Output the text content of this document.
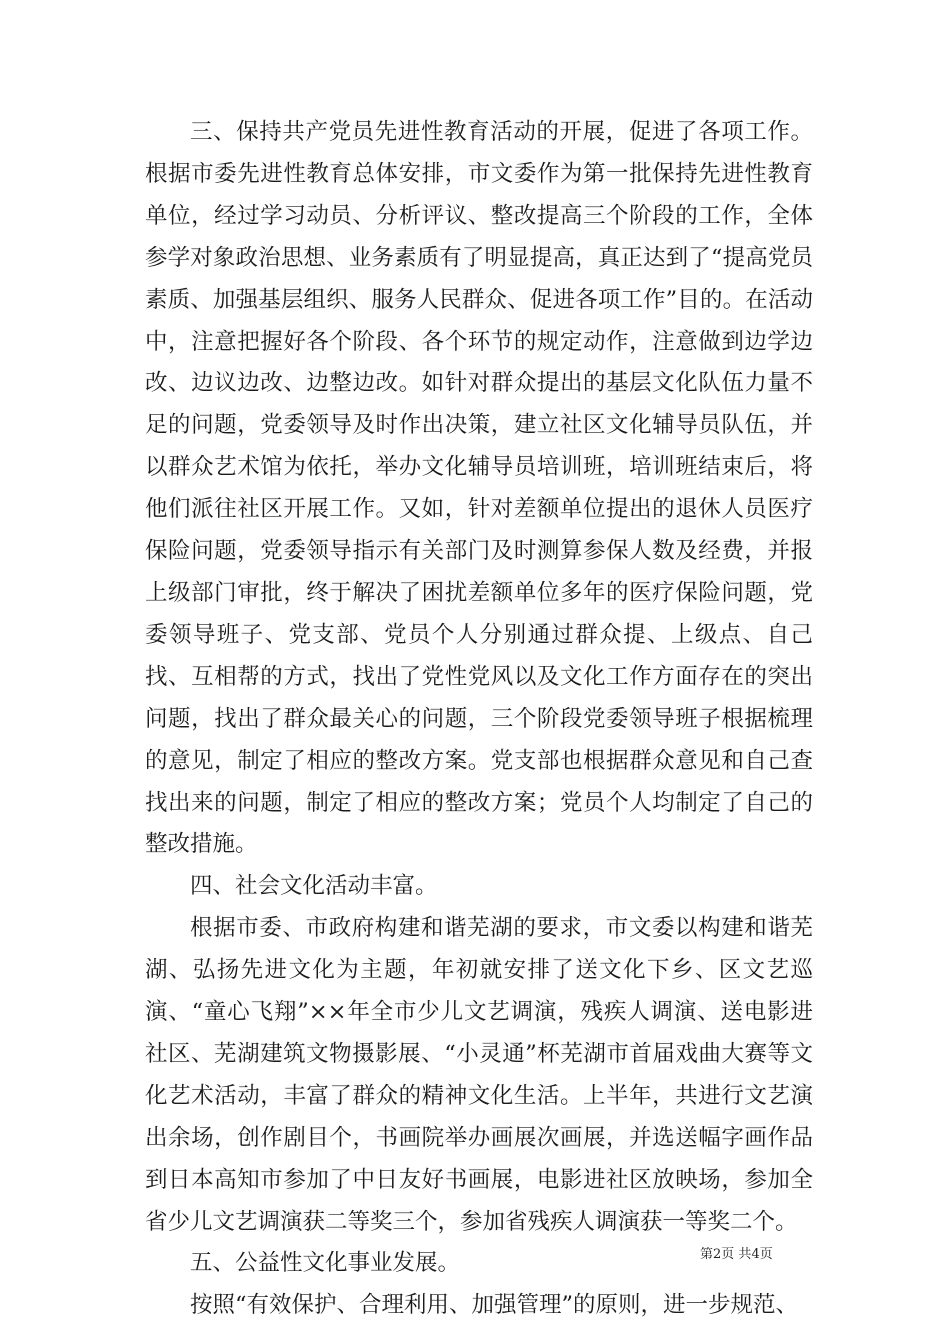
三、保持共产党员先进性教育活动的开展，促进了各项工作。根据市委先进性教育总体安排，市文委作为第一批保持先进性教育单位，经过学习动员、分析评议、整改提高三个阶段的工作，全体参学对象政治思想、业务素质有了明显提高，真正达到了“提高党员素质、加强基层组织、服务人民群众、促进各项工作”目的。在活动中，注意把握好各个阶段、各个环节的规定动作，注意做到边学边改、边议边改、边整边改。如针对群众提出的基层文化队伍力量不足的问题，党委领导及时作出决策，建立社区文化辅导员队伍，并以群众艺术馆为依托，举办文化辅导员培训班，培训班结束后，将他们派往社区开展工作。又如，针对差额单位提出的退休人员医疗保险问题，党委领导指示有关部门及时测算参保人数及经费，并报上级部门审批，终于解决了困扰差额单位多年的医疗保险问题，党委领导班子、党支部、党员个人分别通过群众提、上级点、自己找、互相帮的方式，找出了党性党风以及文化工作方面存在的突出问题，找出了群众最关心的问题，三个阶段党委领导班子根据梳理的意见，制定了相应的整改方案。党支部也根据群众意见和自己查找出来的问题，制定了相应的整改方案；党员个人均制定了自己的整改措施。

四、社会文化活动丰富。

根据市委、市政府构建和谐芜湖的要求，市文委以构建和谐芜湖、弘扬先进文化为主题，年初就安排了送文化下乡、区文艺巡演、“童心飞翔”××年全市少儿文艺调演，残疾人调演、送电影进社区、芜湖建筑文物摄影展、“小灵通”杯芜湖市首届戏曲大赛等文化艺术活动，丰富了群众的精神文化生活。上半年，共进行文艺演出余场，创作剧目个，书画院举办画展次画展，并选送幅字画作品到日本高知市参加了中日友好书画展，电影进社区放映场，参加全省少儿文艺调演获二等奖三个，参加省残疾人调演获一等奖二个。

五、公益性文化事业发展。

按照“有效保护、合理利用、加强管理”的原则，进一步规范、

第2页 共4页
